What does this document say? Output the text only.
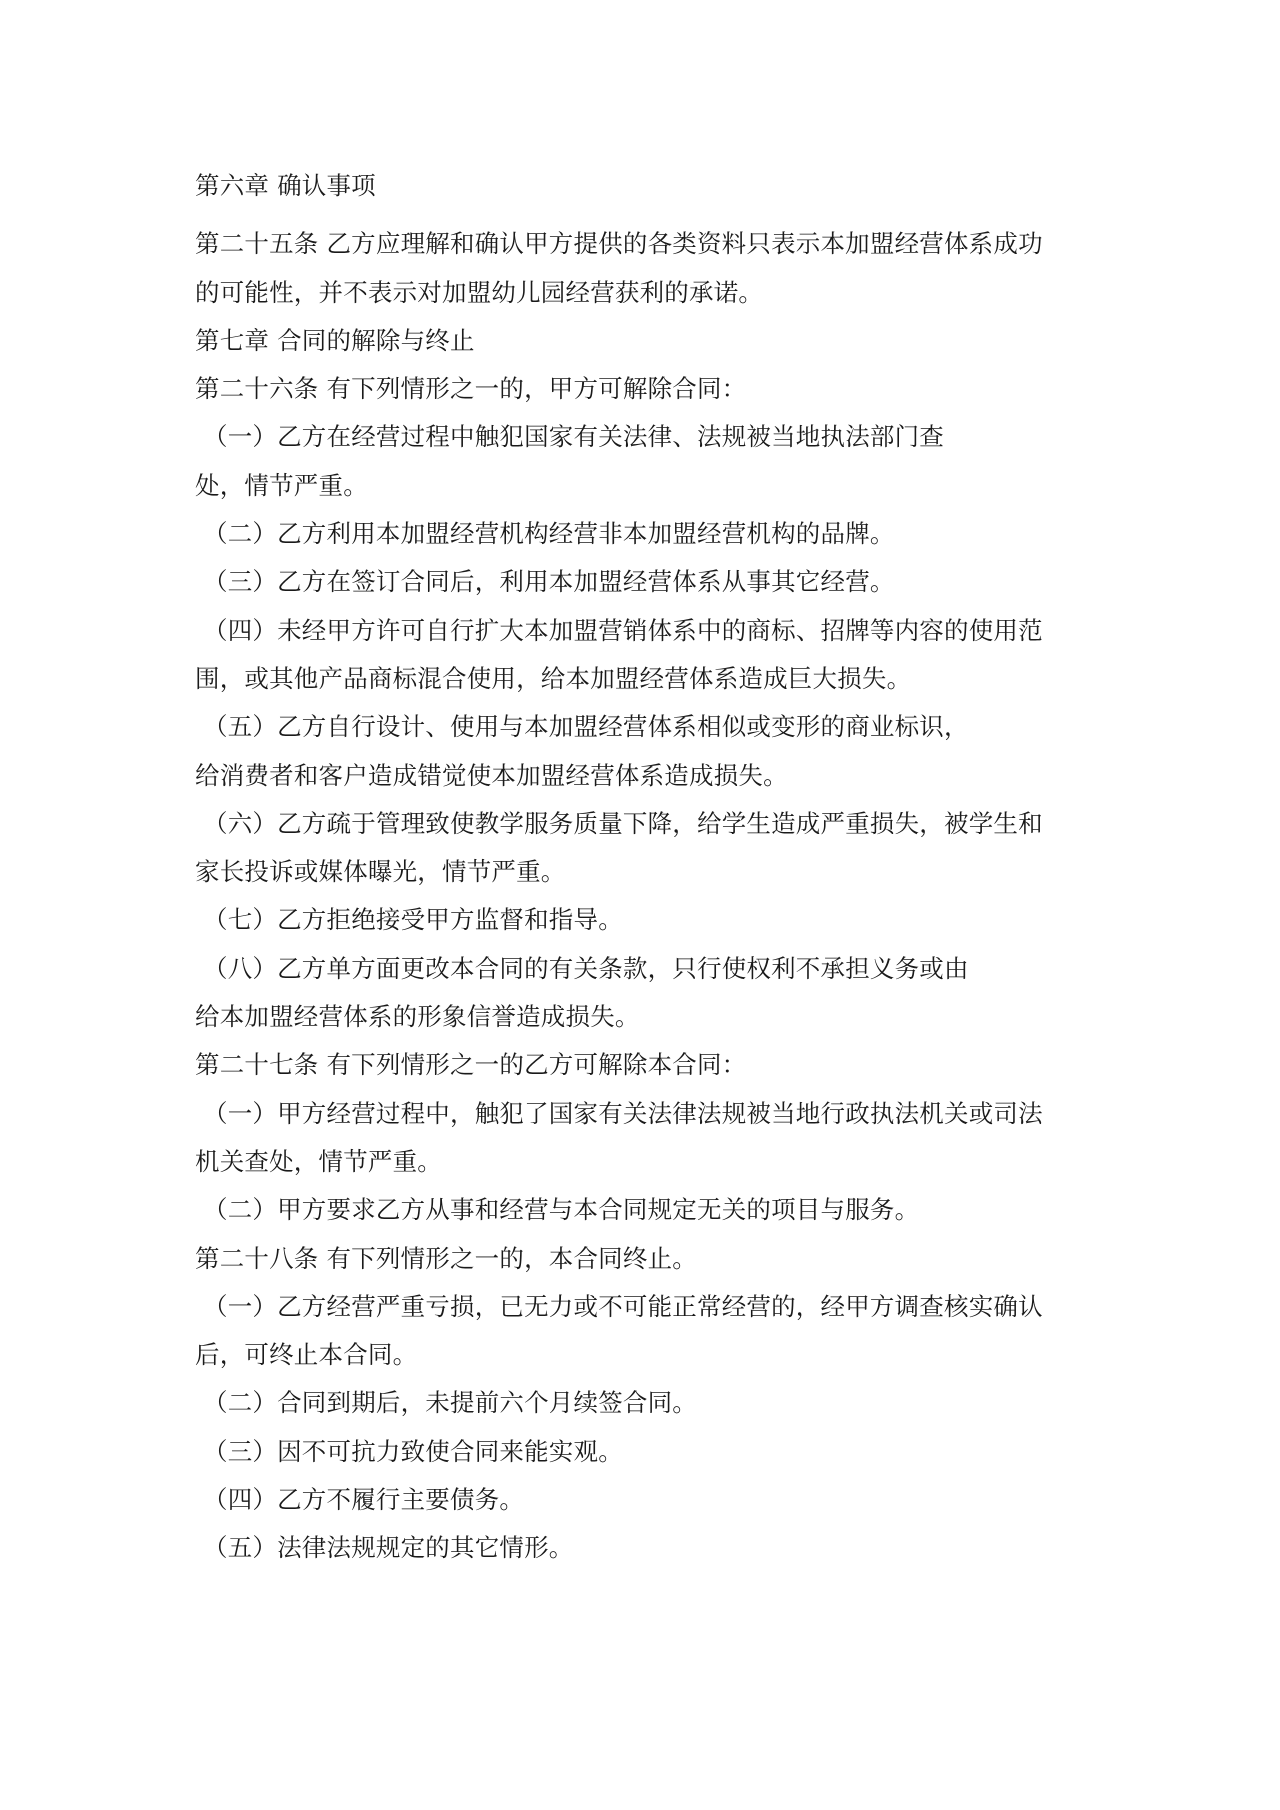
第六章 确认事项
第二十五条 乙方应理解和确认甲方提供的各类资料只表示本加盟经营体系成功
的可能性，并不表示对加盟幼儿园经营获利的承诺。
第七章 合同的解除与终止
第二十六条 有下列情形之一的，甲方可解除合同：
（一）乙方在经营过程中触犯国家有关法律、法规被当地执法部门查
处，情节严重。
（二）乙方利用本加盟经营机构经营非本加盟经营机构的品牌。
（三）乙方在签订合同后，利用本加盟经营体系从事其它经营。
（四）未经甲方许可自行扩大本加盟营销体系中的商标、招牌等内容的使用范
围，或其他产品商标混合使用，给本加盟经营体系造成巨大损失。
（五）乙方自行设计、使用与本加盟经营体系相似或变形的商业标识，
给消费者和客户造成错觉使本加盟经营体系造成损失。
（六）乙方疏于管理致使教学服务质量下降，给学生造成严重损失，被学生和
家长投诉或媒体曝光，情节严重。
（七）乙方拒绝接受甲方监督和指导。
（八）乙方单方面更改本合同的有关条款，只行使权利不承担义务或由
给本加盟经营体系的形象信誉造成损失。
第二十七条 有下列情形之一的乙方可解除本合同：
（一）甲方经营过程中，触犯了国家有关法律法规被当地行政执法机关或司法
机关查处，情节严重。
（二）甲方要求乙方从事和经营与本合同规定无关的项目与服务。
第二十八条 有下列情形之一的，本合同终止。
（一）乙方经营严重亏损，已无力或不可能正常经营的，经甲方调查核实确认
后，可终止本合同。
（二）合同到期后，未提前六个月续签合同。
（三）因不可抗力致使合同来能实观。
（四）乙方不履行主要债务。
（五）法律法规规定的其它情形。
